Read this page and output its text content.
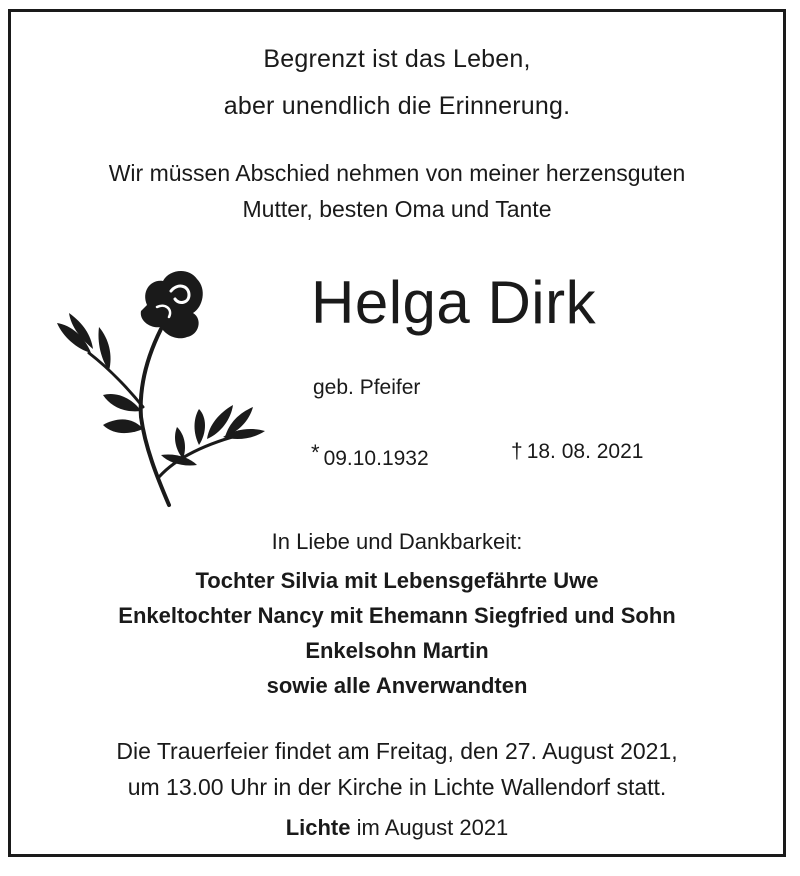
Begrenzt ist das Leben,
aber unendlich die Erinnerung.
Wir müssen Abschied nehmen von meiner herzensguten
Mutter, besten Oma und Tante
Helga Dirk
geb. Pfeifer
* 09.10.1932	† 18. 08. 2021
In Liebe und Dankbarkeit:
Tochter Silvia mit Lebensgefährte Uwe
Enkeltochter Nancy mit Ehemann Siegfried und Sohn
Enkelsohn Martin
sowie alle Anverwandten
Die Trauerfeier findet am Freitag, den 27. August 2021,
um 13.00 Uhr in der Kirche in Lichte Wallendorf statt.
Lichte im August 2021
